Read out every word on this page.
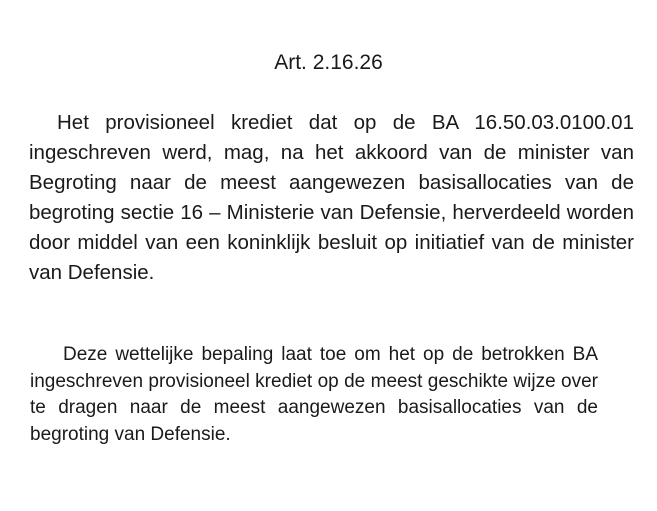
Art. 2.16.26

Het provisioneel krediet dat op de BA 16.50.03.0100.01 ingeschreven werd, mag, na het akkoord van de minister van Begroting naar de meest aangewezen basisallocaties van de begroting sectie 16 – Ministerie van Defensie, herverdeeld worden door middel van een koninklijk besluit op initiatief van de minister van Defensie.

Deze wettelijke bepaling laat toe om het op de betrokken BA ingeschreven provisioneel krediet op de meest geschikte wijze over te dragen naar de meest aangewezen basisallocaties van de begroting van Defensie.
